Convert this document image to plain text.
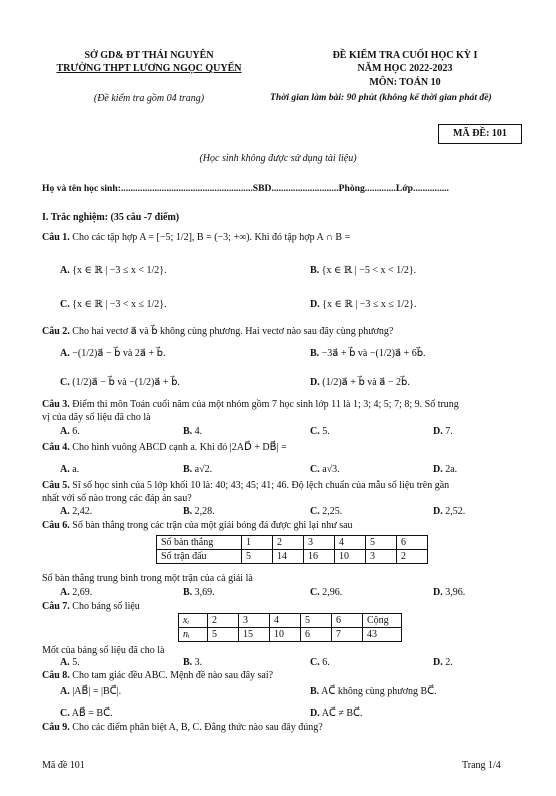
SỞ GD& ĐT THÁI NGUYÊN
TRƯỜNG THPT LƯƠNG NGỌC QUYẾN
(Đề kiểm tra gồm 04 trang)
ĐỀ KIỂM TRA CUỐI HỌC KỲ I
NĂM HỌC 2022-2023
MÔN: TOÁN 10
Thời gian làm bài: 90 phút (không kể thời gian phát đề)
MÃ ĐỀ: 101
(Học sinh không được sử dụng tài liệu)
Họ và tên học sinh:.......................................................SBD............................Phòng.............Lớp...............
I. Trắc nghiệm: (35 câu -7 điểm)
Câu 1. Cho các tập hợp A = [−5; 1/2], B = (−3; +∞). Khi đó tập hợp A ∩ B =
A. {x ∈ ℝ | −3 ≤ x < 1/2}.	B. {x ∈ ℝ | −5 < x < 1/2}.
C. {x ∈ ℝ | −3 < x ≤ 1/2}.	D. {x ∈ ℝ | −3 ≤ x ≤ 1/2}.
Câu 2. Cho hai vectơ a⃗ và b⃗ không cùng phương. Hai vectơ nào sau đây cùng phương?
A. −(1/2)a⃗ − b⃗ và 2a⃗ + b⃗.	B. −3a⃗ + b⃗ và −(1/2)a⃗ + 6b⃗.
C. (1/2)a⃗ − b⃗ và −(1/2)a⃗ + b⃗.	D. (1/2)a⃗ + b⃗ và a⃗ − 2b⃗.
Câu 3. Điểm thi môn Toán cuối năm của một nhóm gồm 7 học sinh lớp 11 là 1; 3; 4; 5; 7; 8; 9. Số trung
vị của dãy số liệu đã cho là
A. 6.	B. 4.	C. 5.	D. 7.
Câu 4. Cho hình vuông ABCD cạnh a. Khi đó |2AD⃗ + DB⃗| =
A. a.	B. a√2.	C. a√3.	D. 2a.
Câu 5. Sĩ số học sinh của 5 lớp khối 10 là: 40; 43; 45; 41; 46. Độ lệch chuẩn của mẫu số liệu trên gần
nhất với số nào trong các đáp án sau?
A. 2,42.	B. 2,28.	C. 2,25.	D. 2,52.
Câu 6. Số bàn thắng trong các trận của một giải bóng đá được ghi lại như sau
Số bàn thắng	1	2	3	4	5	6
Số trận đấu	5	14	16	10	3	2
Số bàn thắng trung bình trong một trận của cả giải là
A. 2,69.	B. 3,69.	C. 2,96.	D. 3,96.
Câu 7. Cho bảng số liệu
xᵢ	2	3	4	5	6	Cộng
nᵢ	5	15	10	6	7	43
Mốt của bảng số liệu đã cho là
A. 5.	B. 3.	C. 6.	D. 2.
Câu 8. Cho tam giác đều ABC. Mệnh đề nào sau đây sai?
A. |AB⃗| = |BC⃗|.	B. AC⃗ không cùng phương BC⃗.
C. AB⃗ = BC⃗.	D. AC⃗ ≠ BC⃗.
Câu 9. Cho các điểm phân biệt A, B, C. Đẳng thức nào sau đây đúng?
Mã đề 101	Trang 1/4
